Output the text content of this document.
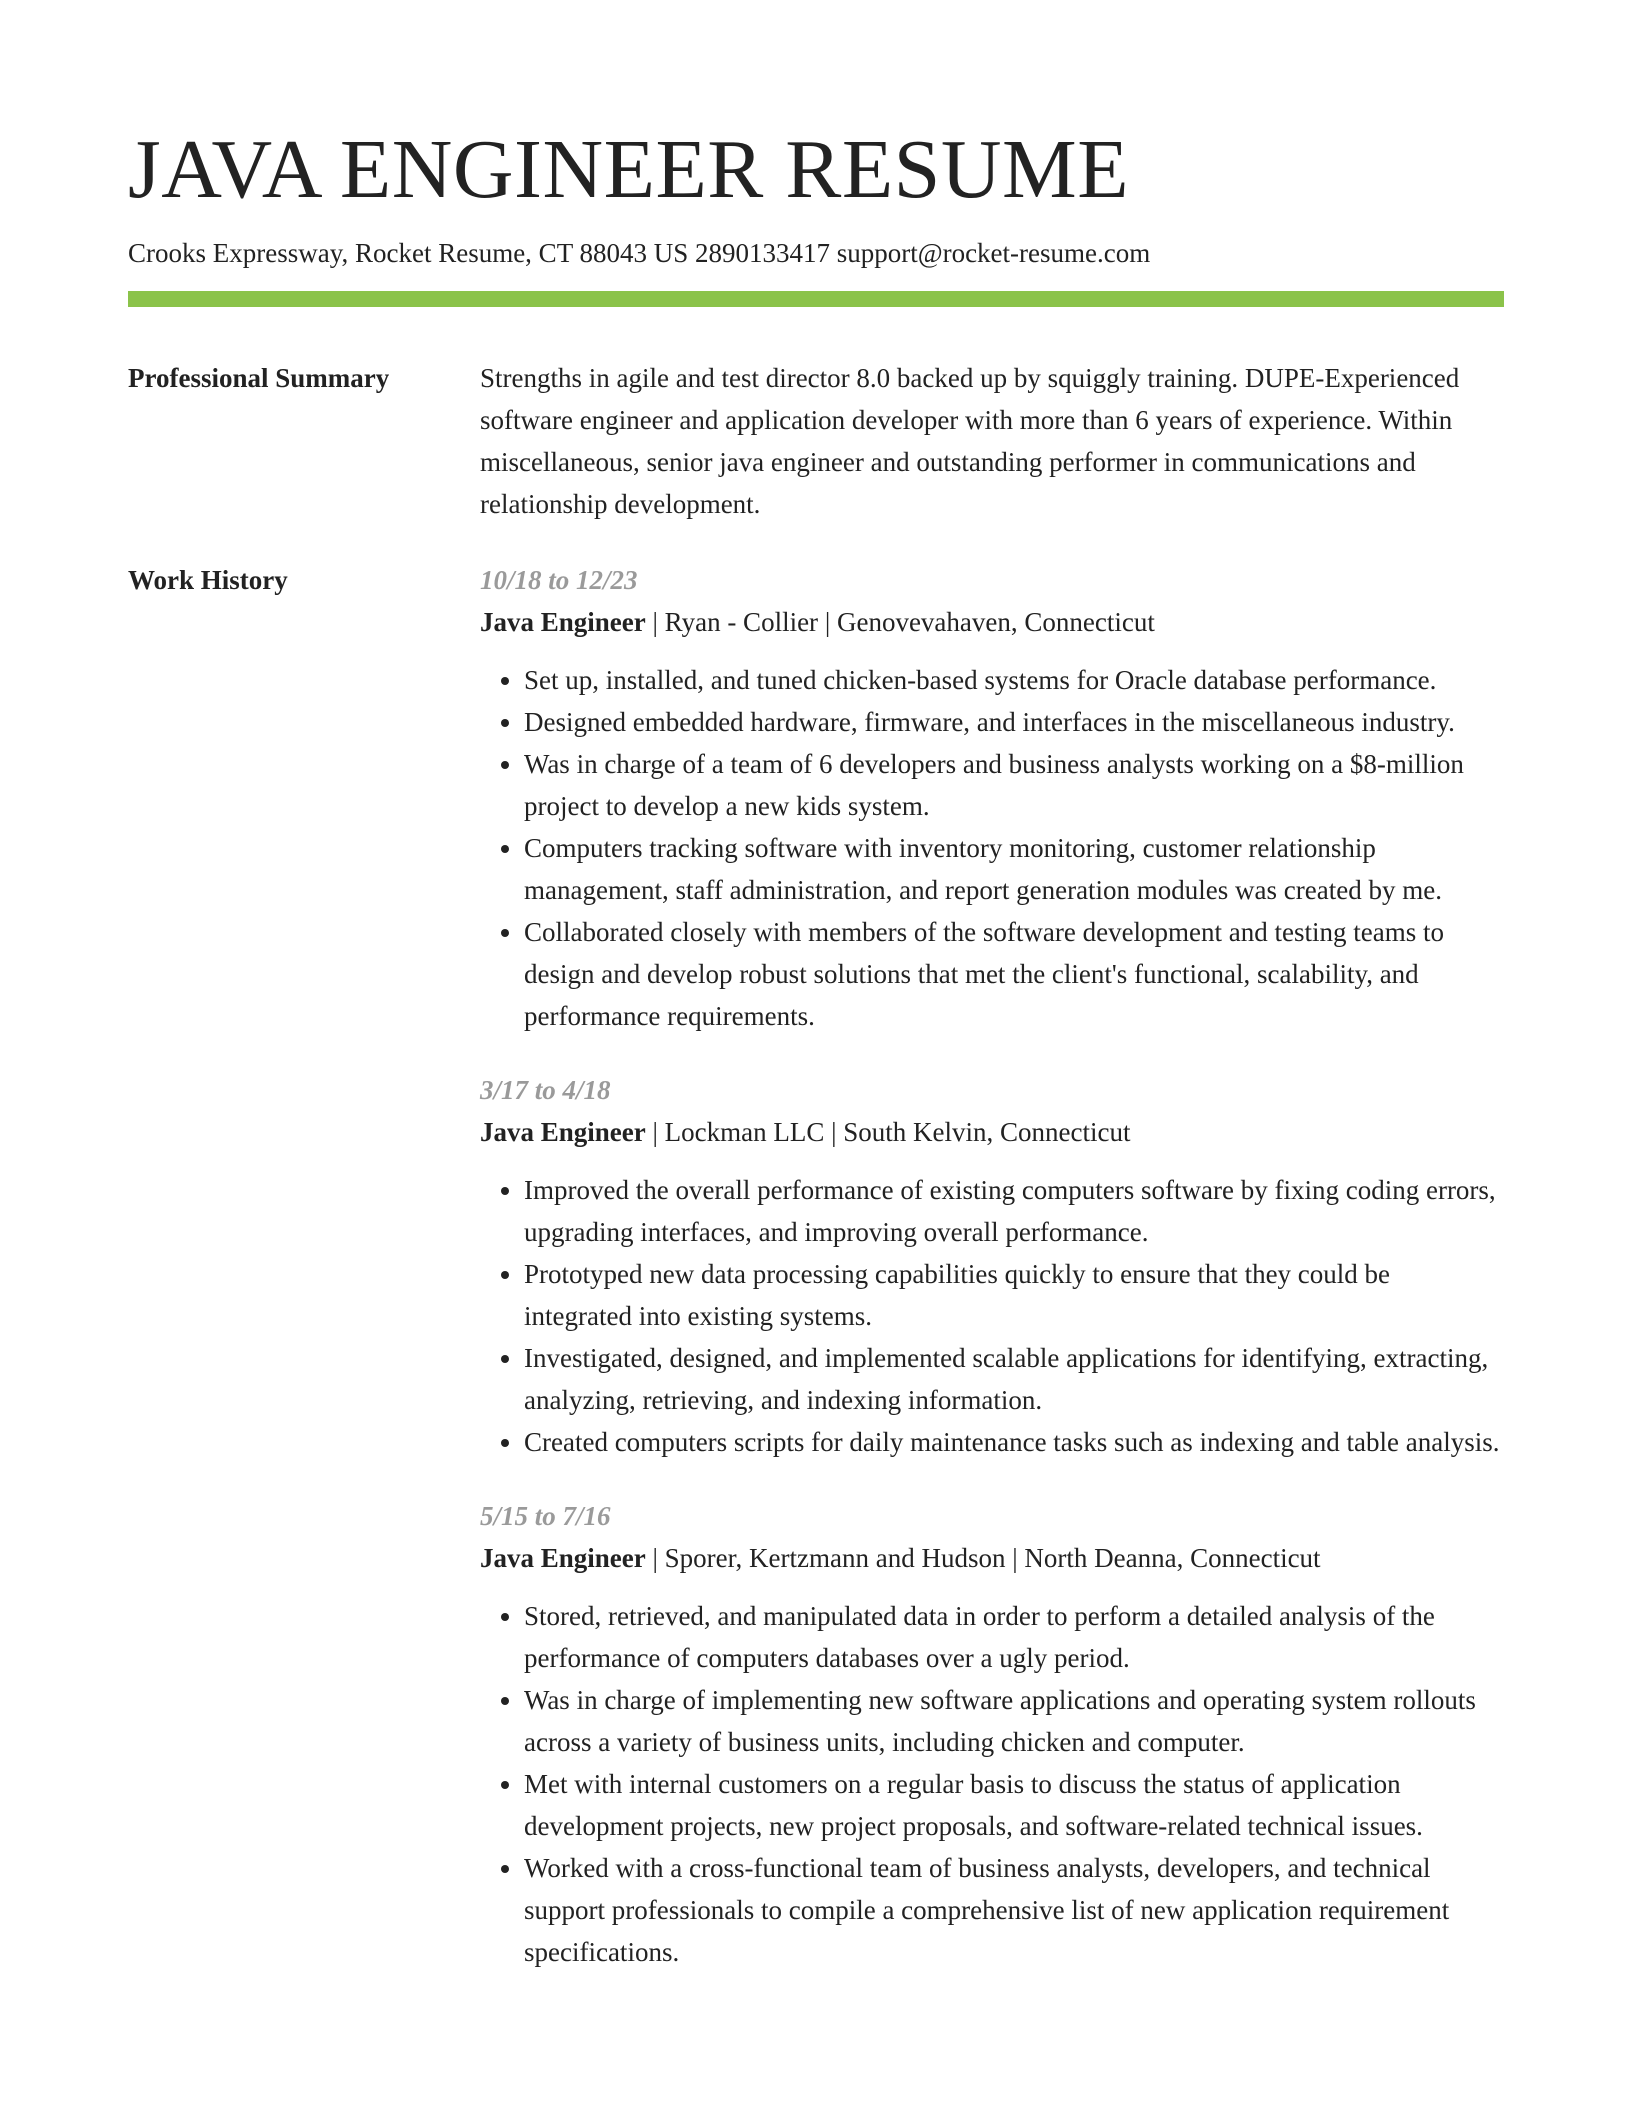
JAVA ENGINEER RESUME
Crooks Expressway, Rocket Resume, CT 88043 US 2890133417 support@rocket-resume.com
Professional Summary	Strengths in agile and test director 8.0 backed up by squiggly training. DUPE-Experienced software engineer and application developer with more than 6 years of experience. Within miscellaneous, senior java engineer and outstanding performer in communications and relationship development.
Work History	10/18 to 12/23
Java Engineer | Ryan - Collier | Genovevahaven, Connecticut
• Set up, installed, and tuned chicken-based systems for Oracle database performance.
• Designed embedded hardware, firmware, and interfaces in the miscellaneous industry.
• Was in charge of a team of 6 developers and business analysts working on a $8-million project to develop a new kids system.
• Computers tracking software with inventory monitoring, customer relationship management, staff administration, and report generation modules was created by me.
• Collaborated closely with members of the software development and testing teams to design and develop robust solutions that met the client's functional, scalability, and performance requirements.
3/17 to 4/18
Java Engineer | Lockman LLC | South Kelvin, Connecticut
• Improved the overall performance of existing computers software by fixing coding errors, upgrading interfaces, and improving overall performance.
• Prototyped new data processing capabilities quickly to ensure that they could be integrated into existing systems.
• Investigated, designed, and implemented scalable applications for identifying, extracting, analyzing, retrieving, and indexing information.
• Created computers scripts for daily maintenance tasks such as indexing and table analysis.
5/15 to 7/16
Java Engineer | Sporer, Kertzmann and Hudson | North Deanna, Connecticut
• Stored, retrieved, and manipulated data in order to perform a detailed analysis of the performance of computers databases over a ugly period.
• Was in charge of implementing new software applications and operating system rollouts across a variety of business units, including chicken and computer.
• Met with internal customers on a regular basis to discuss the status of application development projects, new project proposals, and software-related technical issues.
• Worked with a cross-functional team of business analysts, developers, and technical support professionals to compile a comprehensive list of new application requirement specifications.
